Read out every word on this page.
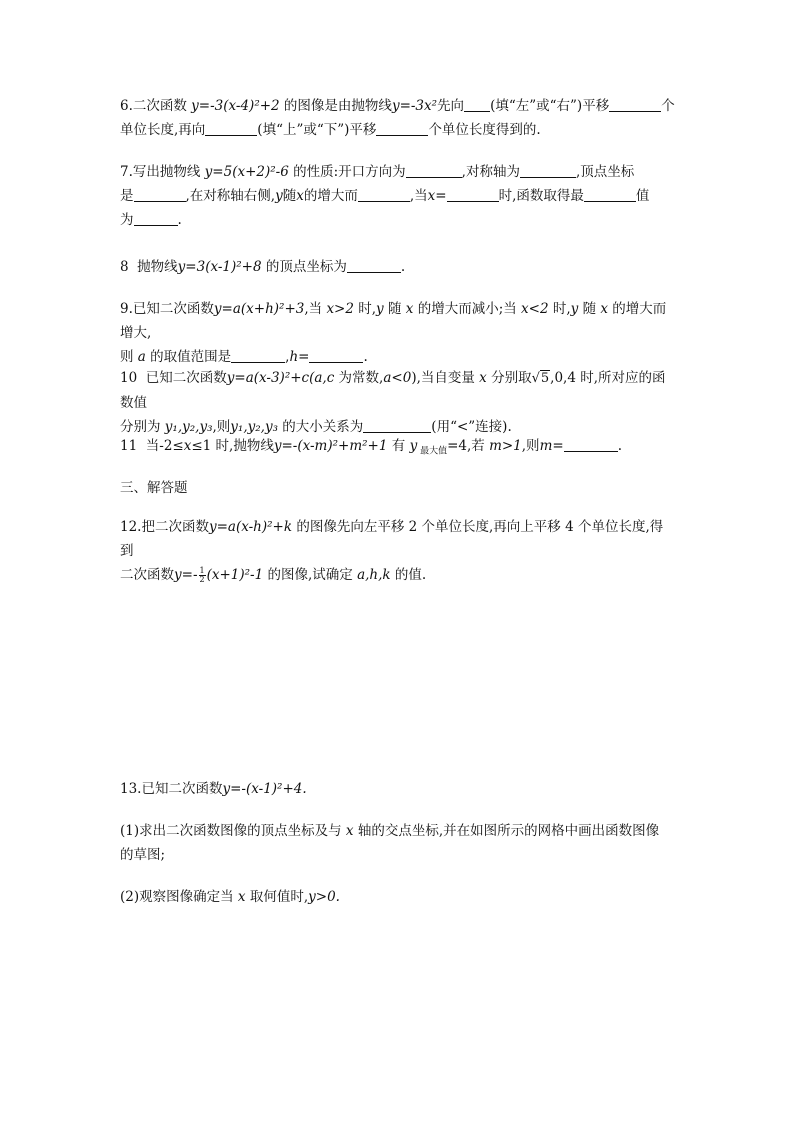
6.二次函数 y=-3(x-4)²+2 的图像是由抛物线y=-3x²先向 (填“左”或“右”)平移	个
单位长度,再向	(填“上”或“下”)平移	个单位长度得到的.

7.写出抛物线 y=5(x+2)²-6 的性质:开口方向为	,对称轴为	,顶点坐标
是	,在对称轴右侧,y随x的增大而	,当x=	时,函数取得最	值
为	.

8  抛物线y=3(x-1)²+8 的顶点坐标为	.

9.已知二次函数y=a(x+h)²+3,当 x>2 时,y 随 x 的增大而减小;当 x<2 时,y 随 x 的增大而增大,
则 a 的取值范围是	,h=	.

10  已知二次函数y=a(x-3)²+c(a,c 为常数,a<0),当自变量 x 分别取√5,0,4 时,所对应的函数值
分别为 y₁,y₂,y₃,则y₁,y₂,y₃ 的大小关系为	(用“<”连接).

11  当-2≤x≤1 时,抛物线y=-(x-m)²+m²+1 有 y $_{最大值}$=4,若 m>1,则m=	.

三、解答题

12.把二次函数y=a(x-h)²+k 的图像先向左平移 2 个单位长度,再向上平移 4 个单位长度,得到
二次函数$y=- \frac{1}{2} (x+1)^2-1$ 的图像,试确定 a,h,k 的值.

13.已知二次函数y=-(x-1)²+4.

(1)求出二次函数图像的顶点坐标及与 x 轴的交点坐标,并在如图所示的网格中画出函数图像
的草图;

(2)观察图像确定当 x 取何值时,y>0.
